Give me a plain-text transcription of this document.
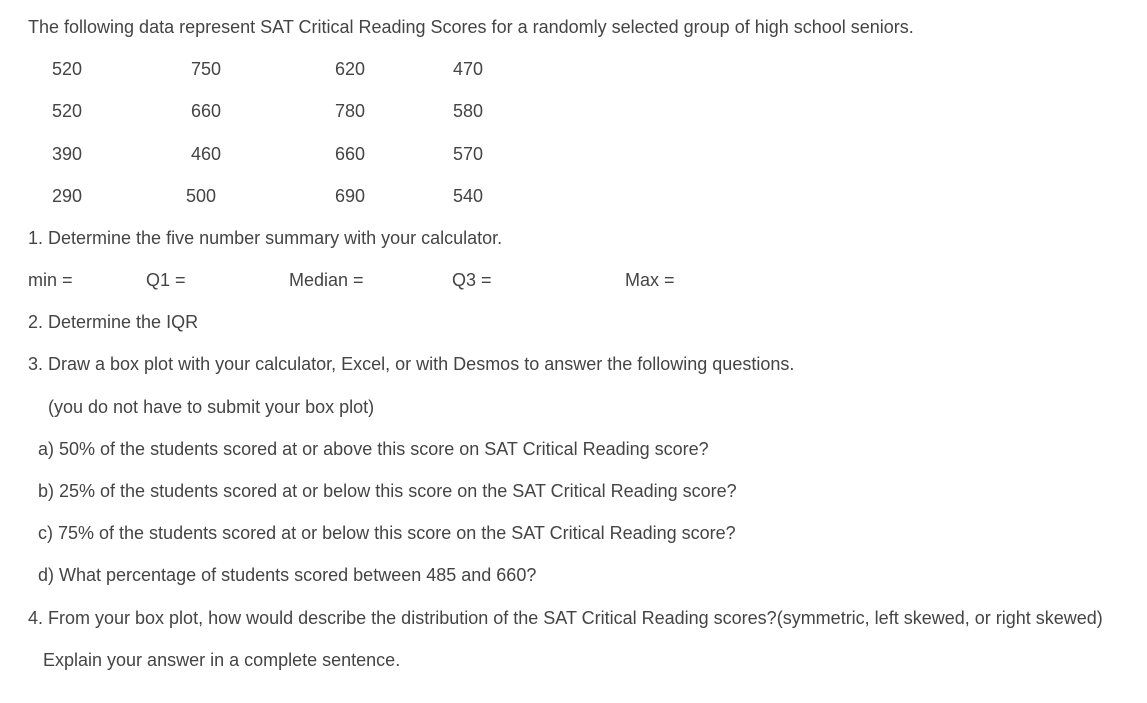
The following data represent SAT Critical Reading Scores for a randomly selected group of high school seniors.
520	750	620	470
520	660	780	580
390	460	660	570
290	500	690	540
1. Determine the five number summary with your calculator.
min =	Q1 =	Median =	Q3 =	Max =
2. Determine the IQR
3. Draw a box plot with your calculator, Excel, or with Desmos to answer the following questions.
(you do not have to submit your box plot)
a) 50% of the students scored at or above this score on SAT Critical Reading score?
b) 25% of the students scored at or below this score on the SAT Critical Reading score?
c) 75% of the students scored at or below this score on the SAT Critical Reading score?
d) What percentage of students scored between 485 and 660?
4. From your box plot, how would describe the distribution of the SAT Critical Reading scores?(symmetric, left skewed, or right skewed)
Explain your answer in a complete sentence.
